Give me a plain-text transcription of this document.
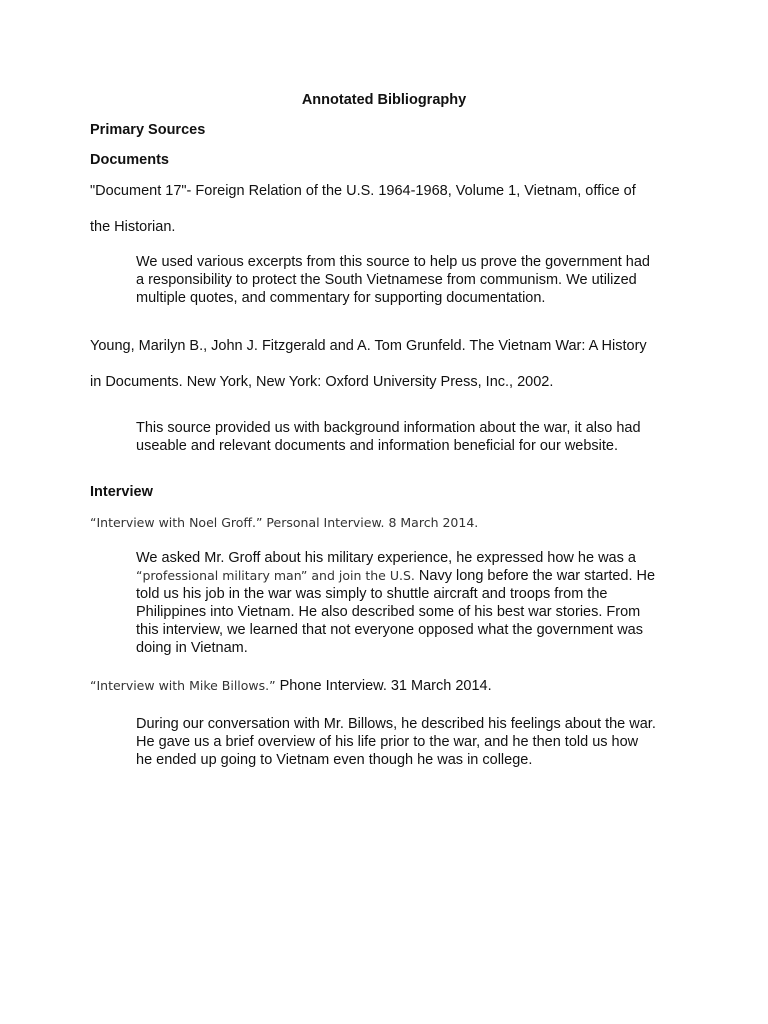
Annotated Bibliography
Primary Sources
Documents

"Document 17"- Foreign Relation of the U.S. 1964-1968, Volume 1, Vietnam, office of

the Historian.

We used various excerpts from this source to help us prove the government had
a responsibility to protect the South Vietnamese from communism. We utilized
multiple quotes, and commentary for supporting documentation.

Young, Marilyn B., John J. Fitzgerald and A. Tom Grunfeld. The Vietnam War: A History

in Documents. New York, New York: Oxford University Press, Inc., 2002.

This source provided us with background information about the war, it also had
useable and relevant documents and information beneficial for our website.

Interview

“Interview with Noel Groff.” Personal Interview. 8 March 2014.

We asked Mr. Groff about his military experience, he expressed how he was a
“professional military man” and join the U.S. Navy long before the war started. He
told us his job in the war was simply to shuttle aircraft and troops from the
Philippines into Vietnam. He also described some of his best war stories. From
this interview, we learned that not everyone opposed what the government was
doing in Vietnam.

“Interview with Mike Billows.” Phone Interview. 31 March 2014.

During our conversation with Mr. Billows, he described his feelings about the war.
He gave us a brief overview of his life prior to the war, and he then told us how
he ended up going to Vietnam even though he was in college.
